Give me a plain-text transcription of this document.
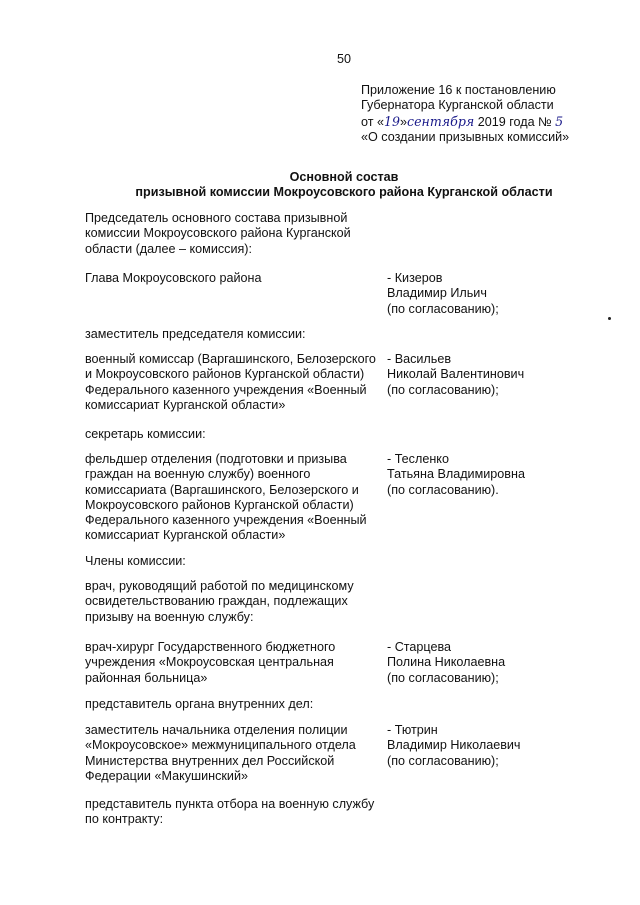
50
Приложение 16 к постановлению
Губернатора Курганской области
от «19»сентября 2019 года № 5
«О создании призывных комиссий»
Основной состав
призывной комиссии Мокроусовского района Курганской области
Председатель основного состава призывной
комиссии Мокроусовского района Курганской
области (далее – комиссия):
Глава Мокроусовского района	- Кизеров
Владимир Ильич
(по согласованию);
заместитель председателя комиссии:
военный комиссар (Варгашинского, Белозерского
и Мокроусовского районов Курганской области)
Федерального казенного учреждения «Военный
комиссариат Курганской области»
- Васильев
Николай Валентинович
(по согласованию);
секретарь комиссии:
фельдшер отделения (подготовки и призыва
граждан на военную службу) военного
комиссариата (Варгашинского, Белозерского и
Мокроусовского районов Курганской области)
Федерального казенного учреждения «Военный
комиссариат Курганской области»
- Тесленко
Татьяна Владимировна
(по согласованию).
Члены комиссии:
врач, руководящий работой по медицинскому
освидетельствованию граждан, подлежащих
призыву на военную службу:
врач-хирург Государственного бюджетного
учреждения «Мокроусовская центральная
районная больница»
- Старцева
Полина Николаевна
(по согласованию);
представитель органа внутренних дел:
заместитель начальника отделения полиции
«Мокроусовское» межмуниципального отдела
Министерства внутренних дел Российской
Федерации «Макушинский»
- Тютрин
Владимир Николаевич
(по согласованию);
представитель пункта отбора на военную службу
по контракту:
